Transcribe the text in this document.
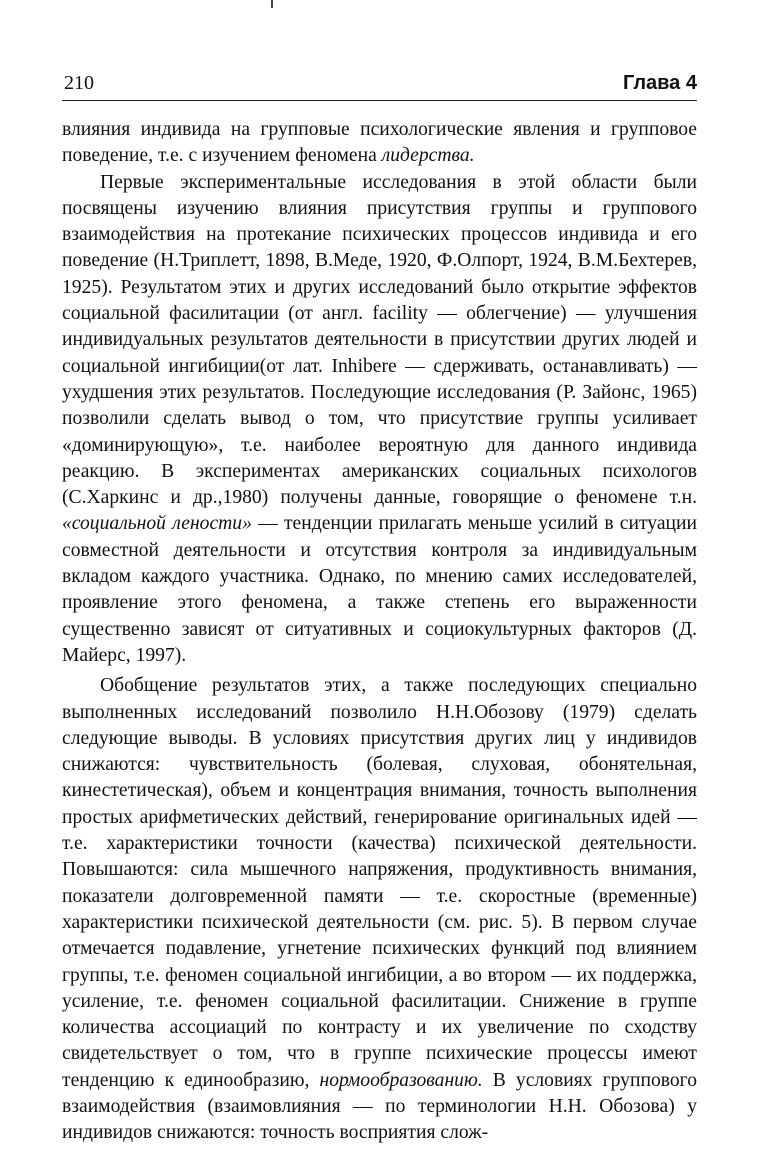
210	Глава 4

влияния индивида на групповые психологические явления и групповое поведение, т.е. с изучением феномена лидерства.

Первые экспериментальные исследования в этой области были посвящены изучению влияния присутствия группы и группового взаимодействия на протекание психических процессов индивида и его поведение (Н.Триплетт, 1898, В.Меде, 1920, Ф.Олпорт, 1924, В.М.Бехтерев, 1925). Результатом этих и других исследований было открытие эффектов социальной фасилитации (от англ. facility — облегчение) — улучшения индивидуальных результатов деятельности в присутствии других людей и социальной ингибиции(от лат. Inhibere — сдерживать, останавливать) — ухудшения этих результатов. Последующие исследования (Р. Зайонс, 1965) позволили сделать вывод о том, что присутствие группы усиливает «доминирующую», т.е. наиболее вероятную для данного индивида реакцию. В экспериментах американских социальных психологов (С.Харкинс и др.,1980) получены данные, говорящие о феномене т.н. «социальной лености» — тенденции прилагать меньше усилий в ситуации совместной деятельности и отсутствия контроля за индивидуальным вкладом каждого участника. Однако, по мнению самих исследователей, проявление этого феномена, а также степень его выраженности существенно зависят от ситуативных и социокультурных факторов (Д. Майерс, 1997).

Обобщение результатов этих, а также последующих специально выполненных исследований позволило Н.Н.Обозову (1979) сделать следующие выводы. В условиях присутствия других лиц у индивидов снижаются: чувствительность (болевая, слуховая, обонятельная, кинестетическая), объем и концентрация внимания, точность выполнения простых арифметических действий, генерирование оригинальных идей — т.е. характеристики точности (качества) психической деятельности. Повышаются: сила мышечного напряжения, продуктивность внимания, показатели долговременной памяти — т.е. скоростные (временные) характеристики психической деятельности (см. рис. 5). В первом случае отмечается подавление, угнетение психических функций под влиянием группы, т.е. феномен социальной ингибиции, а во втором — их поддержка, усиление, т.е. феномен социальной фасилитации. Снижение в группе количества ассоциаций по контрасту и их увеличение по сходству свидетельствует о том, что в группе психические процессы имеют тенденцию к единообразию, нормообразованию. В условиях группового взаимодействия (взаимовлияния — по терминологии Н.Н. Обозова) у индивидов снижаются: точность восприятия слож-
